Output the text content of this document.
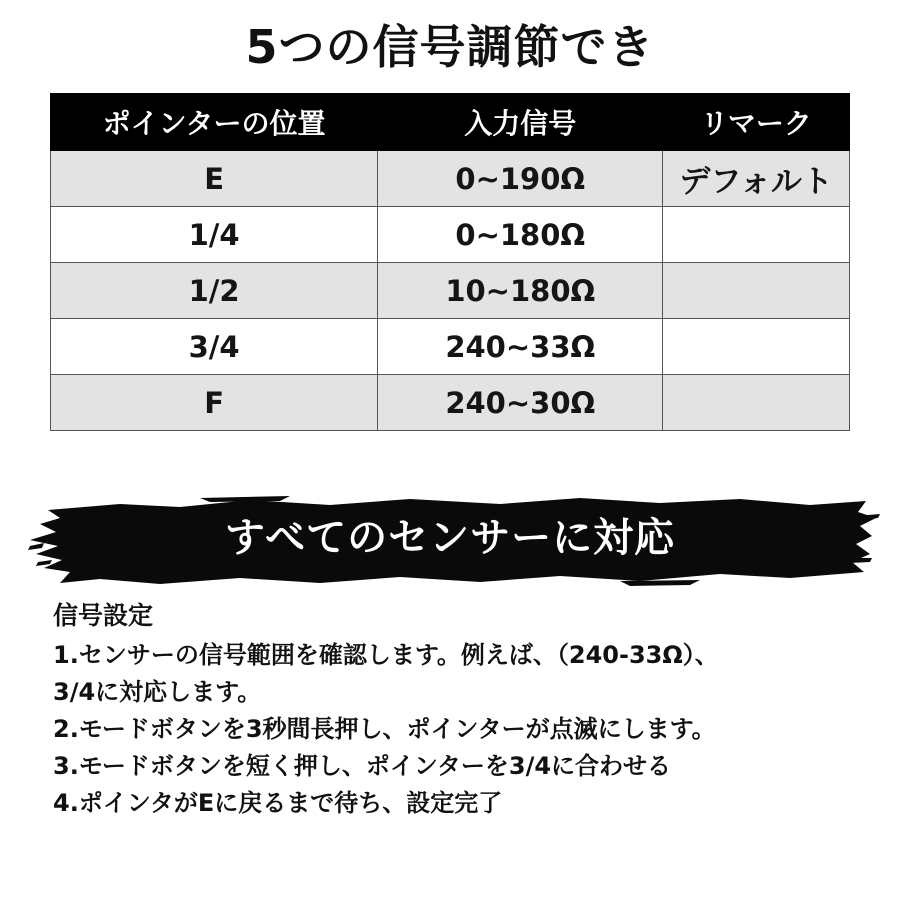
5つの信号調節でき
ポインターの位置	入力信号	リマーク
E	0~190Ω	デフォルト
1/4	0~180Ω	
1/2	10~180Ω	
3/4	240~33Ω	
F	240~30Ω	
すべてのセンサーに対応
信号設定
1.センサーの信号範囲を確認します。例えば、（240-33Ω）、
3/4に対応します。
2.モードボタンを3秒間長押し、ポインターが点滅にします。
3.モードボタンを短く押し、ポインターを3/4に合わせる
4.ポインタがEに戻るまで待ち、設定完了
